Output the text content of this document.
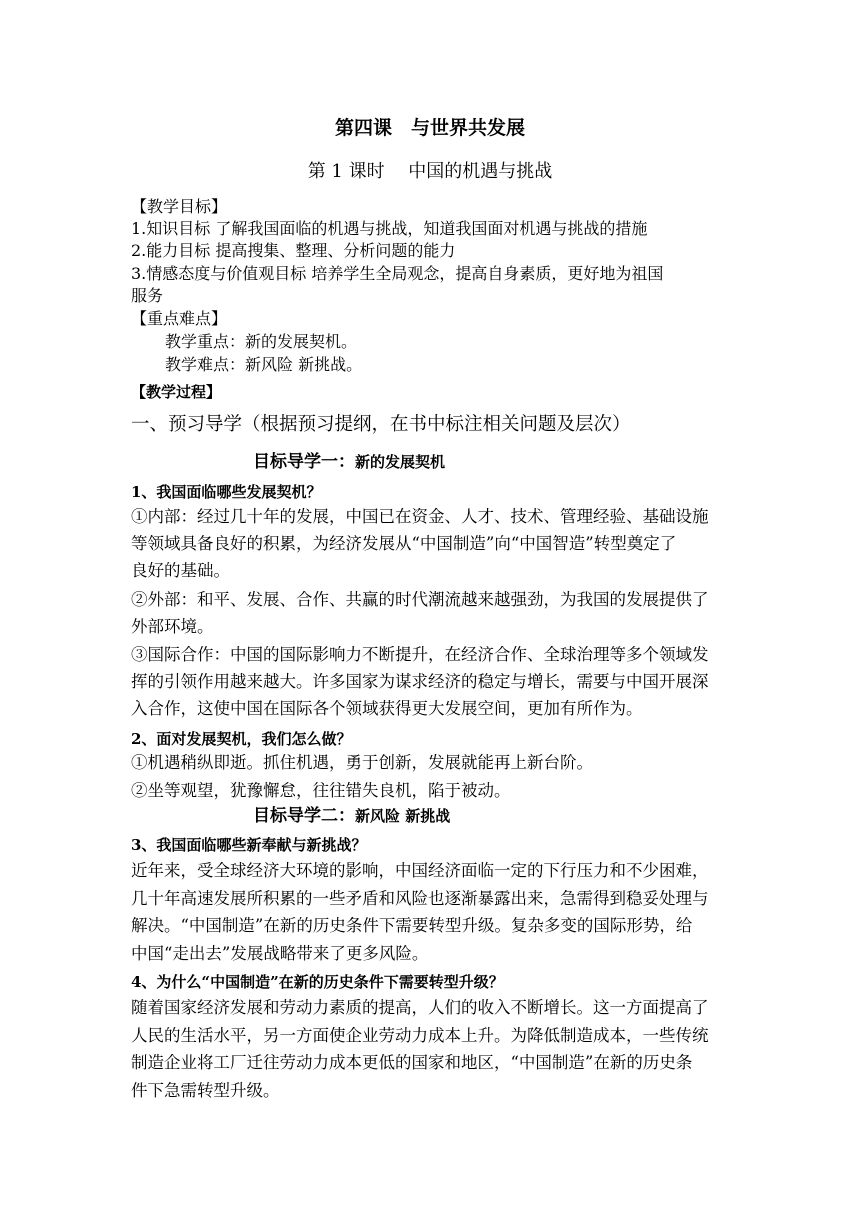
第四课　与世界共发展
第 1 课时　 中国的机遇与挑战
【教学目标】
1.知识目标 了解我国面临的机遇与挑战，知道我国面对机遇与挑战的措施
2.能力目标 提高搜集、整理、分析问题的能力
3.情感态度与价值观目标 培养学生全局观念，提高自身素质，更好地为祖国
服务
【重点难点】
教学重点：新的发展契机。
教学难点：新风险 新挑战。
【教学过程】
一、预习导学（根据预习提纲，在书中标注相关问题及层次）
目标导学一：新的发展契机
1、我国面临哪些发展契机？
①内部：经过几十年的发展，中国已在资金、人才、技术、管理经验、基础设施
等领域具备良好的积累，为经济发展从“中国制造”向“中国智造”转型奠定了
良好的基础。
②外部：和平、发展、合作、共赢的时代潮流越来越强劲，为我国的发展提供了
外部环境。
③国际合作：中国的国际影响力不断提升，在经济合作、全球治理等多个领域发
挥的引领作用越来越大。许多国家为谋求经济的稳定与增长，需要与中国开展深
入合作，这使中国在国际各个领域获得更大发展空间，更加有所作为。
2、面对发展契机，我们怎么做？
①机遇稍纵即逝。抓住机遇，勇于创新，发展就能再上新台阶。
②坐等观望，犹豫懈怠，往往错失良机，陷于被动。
目标导学二：新风险 新挑战
3、我国面临哪些新奉献与新挑战？
近年来，受全球经济大环境的影响，中国经济面临一定的下行压力和不少困难，
几十年高速发展所积累的一些矛盾和风险也逐渐暴露出来，急需得到稳妥处理与
解决。“中国制造”在新的历史条件下需要转型升级。复杂多变的国际形势，给
中国“走出去”发展战略带来了更多风险。
4、为什么“中国制造”在新的历史条件下需要转型升级？
随着国家经济发展和劳动力素质的提高，人们的收入不断增长。这一方面提高了
人民的生活水平，另一方面使企业劳动力成本上升。为降低制造成本，一些传统
制造企业将工厂迁往劳动力成本更低的国家和地区，“中国制造”在新的历史条
件下急需转型升级。
